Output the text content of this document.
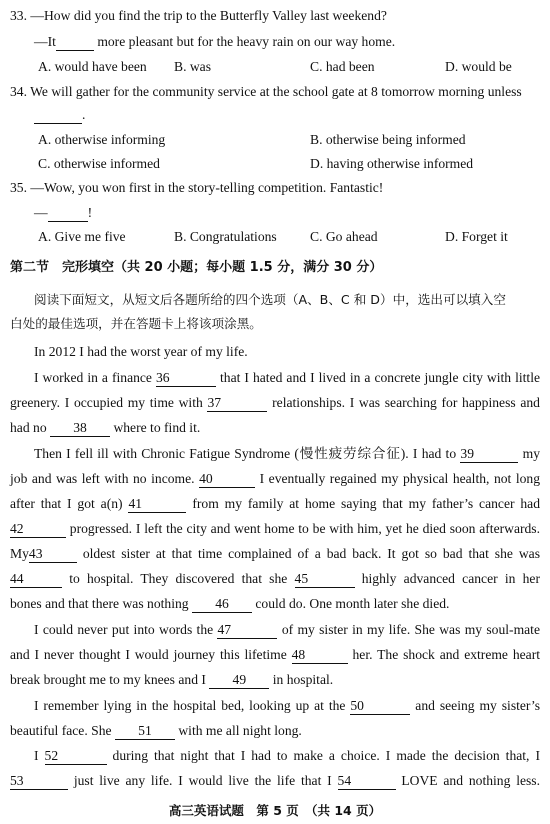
33. —How did you find the trip to the Butterfly Valley last weekend?
—It	more pleasant but for the heavy rain on our way home.
A. would have been B. was	C. had been	D. would be
34. We will gather for the community service at the school gate at 8 tomorrow morning unless
.
A. otherwise informing	B. otherwise being informed
C. otherwise informed	D. having otherwise informed
35. —Wow, you won first in the story-telling competition. Fantastic!
—	!
A. Give me five	B. Congratulations C. Go ahead	D. Forget it
第二节　完形填空（共 20 小题；每小题 1.5 分，满分 30 分）
阅读下面短文，从短文后各题所给的四个选项（A、B、C 和 D）中，选出可以填入空
白处的最佳选项，并在答题卡上将该项涂黑。
In 2012 I had the worst year of my life.
I worked in a finance 36	that I hated and I lived in a concrete jungle city with little
greenery. I occupied my time with 37	relationships. I was searching for happiness and
had no 38 where to find it.
Then I fell ill with Chronic Fatigue Syndrome (慢性疲劳综合征). I had to 39	my
job and was left with no income. 40	I eventually regained my physical health, not long
after that I got a(n) 41	from my family at home saying that my father’s cancer had
42	progressed. I left the city and went home to be with him, yet he died soon afterwards.
My43	oldest sister at that time complained of a bad back. It got so bad that she was
44	to hospital. They discovered that she 45	highly advanced cancer in her
bones and that there was nothing 46 could do. One month later she died.
I could never put into words the 47	of my sister in my life. She was my soul-mate
and I never thought I would journey this lifetime 48	her. The shock and extreme heart
break brought me to my knees and I 49 in hospital.
I remember lying in the hospital bed, looking up at the 50	and seeing my sister’s
beautiful face. She 51 with me all night long.
I 52	during that night that I had to make a choice. I made the decision that, I
53	just live any life. I would live the life that I 54	LOVE and nothing less.
高三英语试题　第 5 页　（共 14 页）
